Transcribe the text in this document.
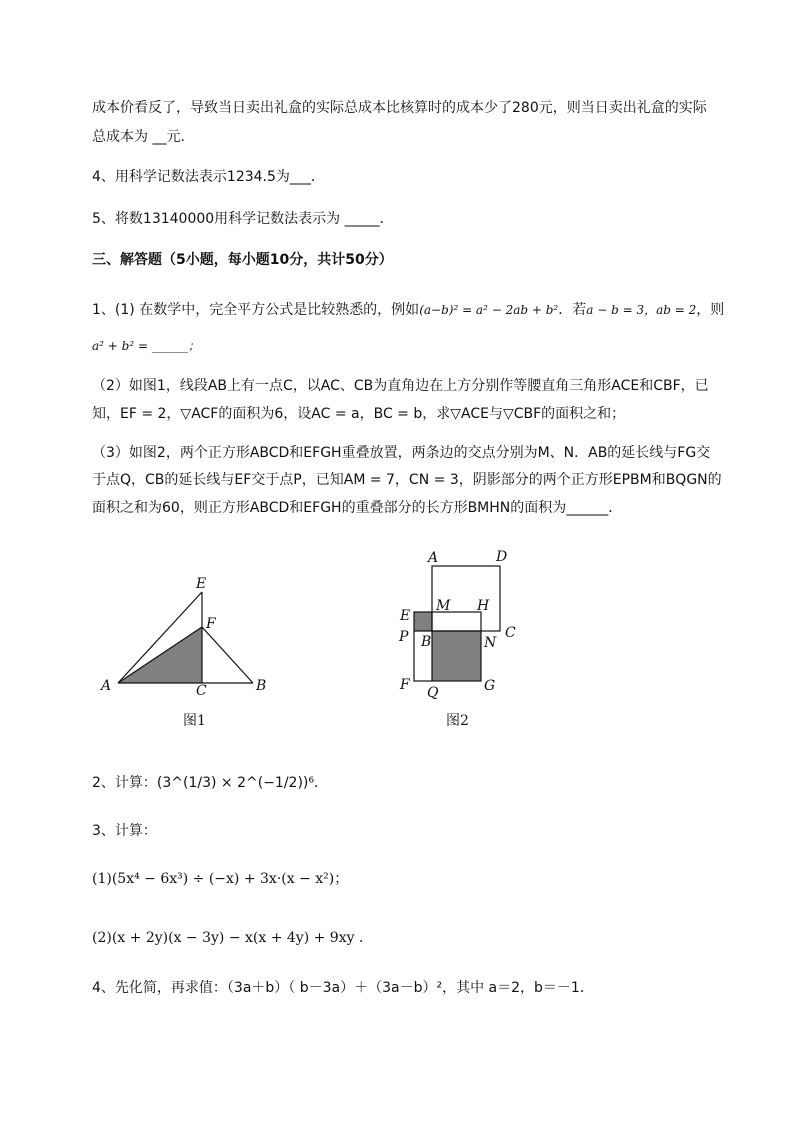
成本价看反了，导致当日卖出礼盒的实际总成本比核算时的成本少了280元，则当日卖出礼盒的实际
总成本为 __元．
4、用科学记数法表示1234.5为___．
5、将数13140000用科学记数法表示为 _____．
三、解答题（5小题，每小题10分，共计50分）
1、(1) 在数学中，完全平方公式是比较熟悉的，例如(a−b)² = a² − 2ab + b²．若a − b = 3，ab = 2，则
a² + b² = ______；
（2）如图1，线段AB上有一点C，以AC、CB为直角边在上方分别作等腰直角三角形ACE和CBF，已
知，EF = 2，▽ACF的面积为6，设AC = a，BC = b，求▽ACE与▽CBF的面积之和；
（3）如图2，两个正方形ABCD和EFGH重叠放置，两条边的交点分别为M、N．AB的延长线与FG交
于点Q，CB的延长线与EF交于点P，已知AM = 7，CN = 3，阴影部分的两个正方形EPBM和BQGN的
面积之和为60，则正方形ABCD和EFGH的重叠部分的长方形BMHN的面积为______．
E
F
A	C	B
A	D
E
M H
P B	N
C
F Q	G
图1	图2
2、计算：(3^(1/3) × 2^(−1/2))⁶．
3、计算：
(1)(5x⁴ − 6x³) ÷ (−x) + 3x·(x − x²)；
(2)(x + 2y)(x − 3y) − x(x + 4y) + 9xy ．
4、先化简，再求值：（3a＋b）（ b－3a）＋（3a－b）²，其中 a＝2，b＝－1．
